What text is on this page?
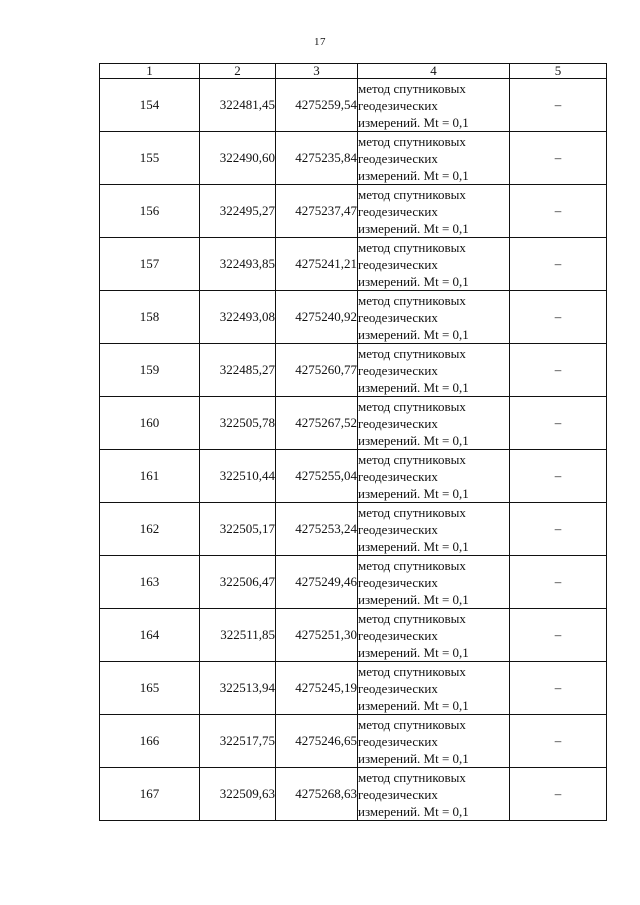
17
1	2	3	4	5
154	322481,45	4275259,54	метод спутниковых
геодезических
измерений. Mt = 0,1	–
155	322490,60	4275235,84	метод спутниковых
геодезических
измерений. Mt = 0,1	–
156	322495,27	4275237,47	метод спутниковых
геодезических
измерений. Mt = 0,1	–
157	322493,85	4275241,21	метод спутниковых
геодезических
измерений. Mt = 0,1	–
158	322493,08	4275240,92	метод спутниковых
геодезических
измерений. Mt = 0,1	–
159	322485,27	4275260,77	метод спутниковых
геодезических
измерений. Mt = 0,1	–
160	322505,78	4275267,52	метод спутниковых
геодезических
измерений. Mt = 0,1	–
161	322510,44	4275255,04	метод спутниковых
геодезических
измерений. Mt = 0,1	–
162	322505,17	4275253,24	метод спутниковых
геодезических
измерений. Mt = 0,1	–
163	322506,47	4275249,46	метод спутниковых
геодезических
измерений. Mt = 0,1	–
164	322511,85	4275251,30	метод спутниковых
геодезических
измерений. Mt = 0,1	–
165	322513,94	4275245,19	метод спутниковых
геодезических
измерений. Mt = 0,1	–
166	322517,75	4275246,65	метод спутниковых
геодезических
измерений. Mt = 0,1	–
167	322509,63	4275268,63	метод спутниковых
геодезических
измерений. Mt = 0,1	–
